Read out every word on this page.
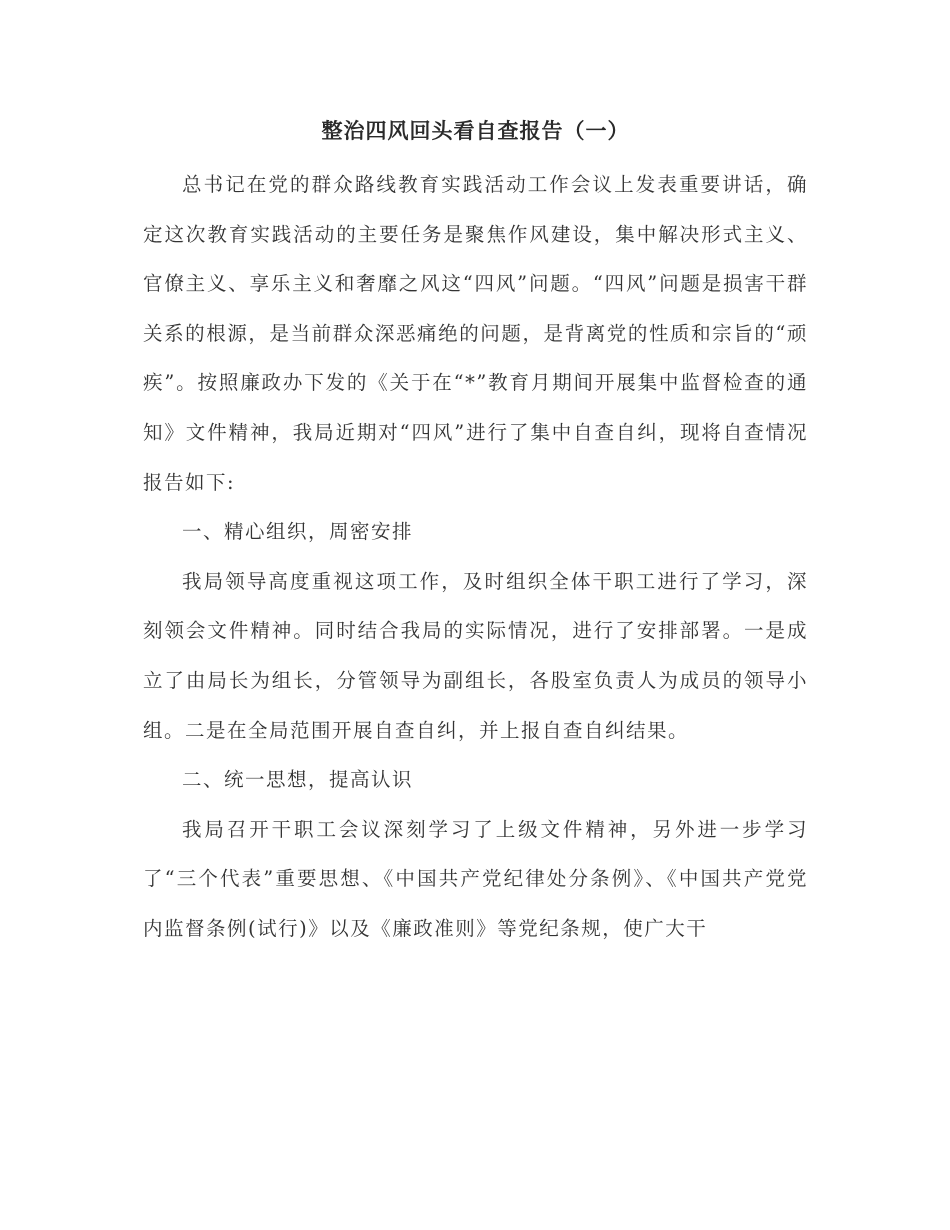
整治四风回头看自查报告（一）

总书记在党的群众路线教育实践活动工作会议上发表重要讲话，确定这次教育实践活动的主要任务是聚焦作风建设，集中解决形式主义、官僚主义、享乐主义和奢靡之风这“四风”问题。“四风”问题是损害干群关系的根源，是当前群众深恶痛绝的问题，是背离党的性质和宗旨的“顽疾”。按照廉政办下发的《关于在“*”教育月期间开展集中监督检查的通知》文件精神，我局近期对“四风”进行了集中自查自纠，现将自查情况报告如下:

一、精心组织，周密安排

我局领导高度重视这项工作，及时组织全体干职工进行了学习，深刻领会文件精神。同时结合我局的实际情况，进行了安排部署。一是成立了由局长为组长，分管领导为副组长，各股室负责人为成员的领导小组。二是在全局范围开展自查自纠，并上报自查自纠结果。

二、统一思想，提高认识

我局召开干职工会议深刻学习了上级文件精神，另外进一步学习了“三个代表”重要思想、《中国共产党纪律处分条例》、《中国共产党党内监督条例(试行)》以及《廉政准则》等党纪条规，使广大干
